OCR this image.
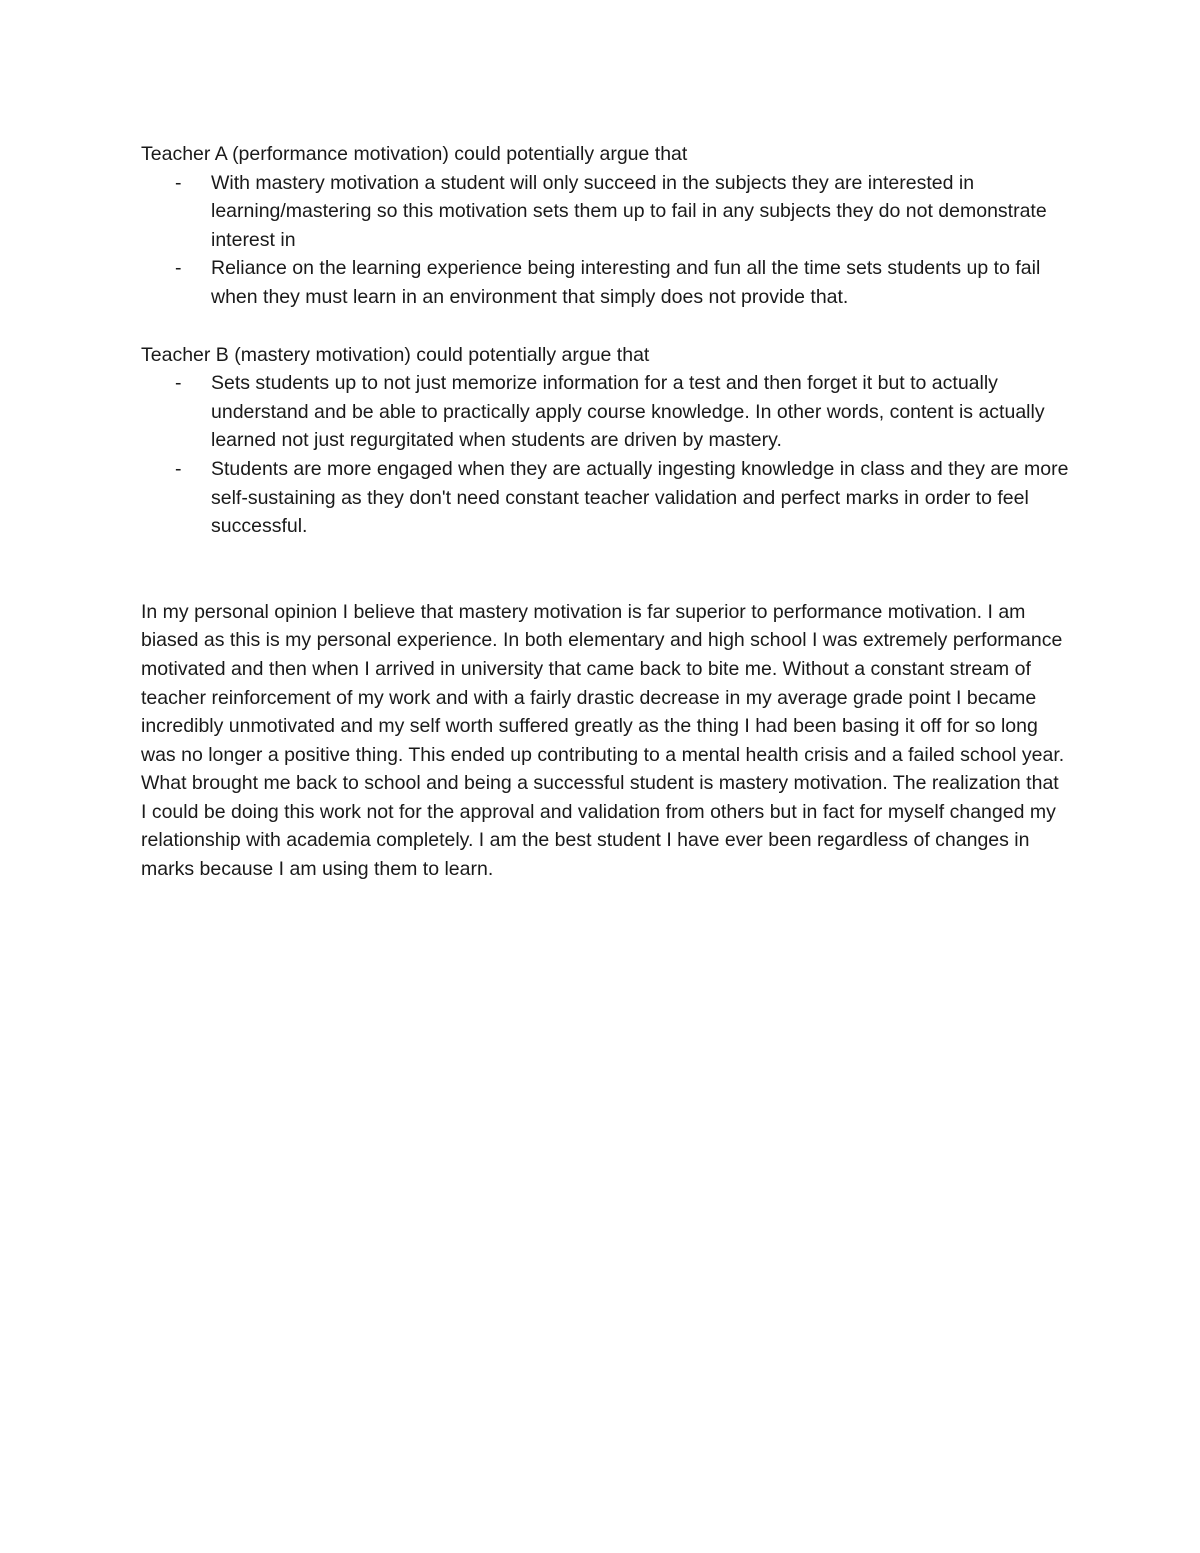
Teacher A (performance motivation) could potentially argue that

- With mastery motivation a student will only succeed in the subjects they are interested in learning/mastering so this motivation sets them up to fail in any subjects they do not demonstrate interest in
- Reliance on the learning experience being interesting and fun all the time sets students up to fail when they must learn in an environment that simply does not provide that.

Teacher B (mastery motivation) could potentially argue that

- Sets students up to not just memorize information for a test and then forget it but to actually understand and be able to practically apply course knowledge. In other words, content is actually learned not just regurgitated when students are driven by mastery.
- Students are more engaged when they are actually ingesting knowledge in class and they are more self-sustaining as they don't need constant teacher validation and perfect marks in order to feel successful.

In my personal opinion I believe that mastery motivation is far superior to performance motivation. I am biased as this is my personal experience. In both elementary and high school I was extremely performance motivated and then when I arrived in university that came back to bite me. Without a constant stream of teacher reinforcement of my work and with a fairly drastic decrease in my average grade point I became incredibly unmotivated and my self worth suffered greatly as the thing I had been basing it off for so long was no longer a positive thing. This ended up contributing to a mental health crisis and a failed school year. What brought me back to school and being a successful student is mastery motivation. The realization that I could be doing this work not for the approval and validation from others but in fact for myself changed my relationship with academia completely. I am the best student I have ever been regardless of changes in marks because I am using them to learn.
